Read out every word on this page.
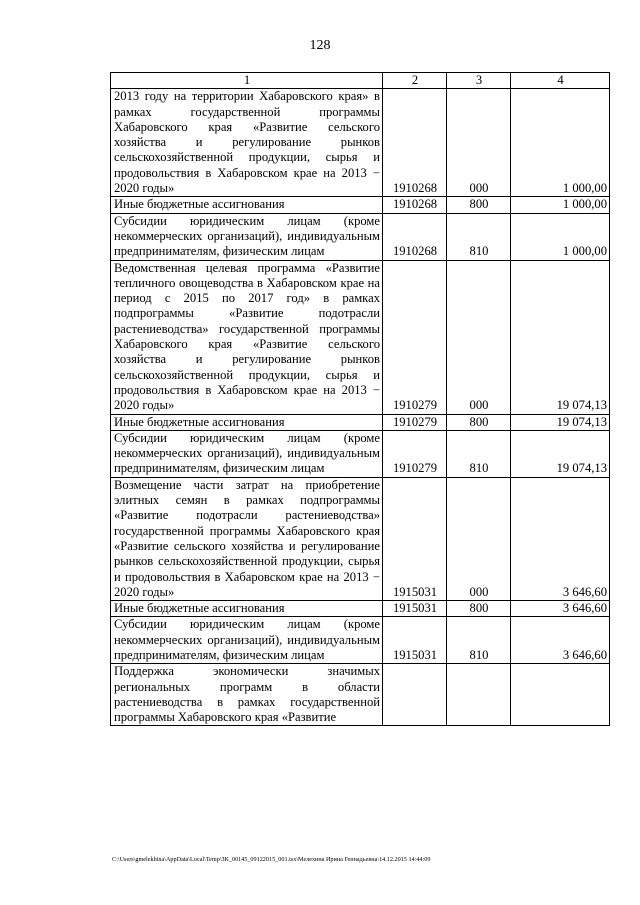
128
1	2	3	4
2013 году на территории Хабаровского края» в рамках государственной программы Хабаровского края «Развитие сельского хозяйства и регулирование рынков сельскохозяйственной продукции, сырья и продовольствия в Хабаровском крае на 2013 − 2020 годы»	1910268	000	1 000,00
Иные бюджетные ассигнования	1910268	800	1 000,00
Субсидии юридическим лицам (кроме некоммерческих организаций), индивидуальным предпринимателям, физическим лицам	1910268	810	1 000,00
Ведомственная целевая программа «Развитие тепличного овощеводства в Хабаровском крае на период с 2015 по 2017 год» в рамках подпрограммы «Развитие подотрасли растениеводства» государственной программы Хабаровского края «Развитие сельского хозяйства и регулирование рынков сельскохозяйственной продукции, сырья и продовольствия в Хабаровском крае на 2013 − 2020 годы»	1910279	000	19 074,13
Иные бюджетные ассигнования	1910279	800	19 074,13
Субсидии юридическим лицам (кроме некоммерческих организаций), индивидуальным предпринимателям, физическим лицам	1910279	810	19 074,13
Возмещение части затрат на приобретение элитных семян в рамках подпрограммы «Развитие подотрасли растениеводства» государственной программы Хабаровского края «Развитие сельского хозяйства и регулирование рынков сельскохозяйственной продукции, сырья и продовольствия в Хабаровском крае на 2013 − 2020 годы»	1915031	000	3 646,60
Иные бюджетные ассигнования	1915031	800	3 646,60
Субсидии юридическим лицам (кроме некоммерческих организаций), индивидуальным предпринимателям, физическим лицам	1915031	810	3 646,60
Поддержка экономически значимых региональных программ в области растениеводства в рамках государственной программы Хабаровского края «Развитие			
C:\Users\gmelekhina\AppData\Local\Temp\ЗК_00145_09122015_001.tsx\Мелехина Ирина Геннадьевна\14.12.2015 14:44:09
